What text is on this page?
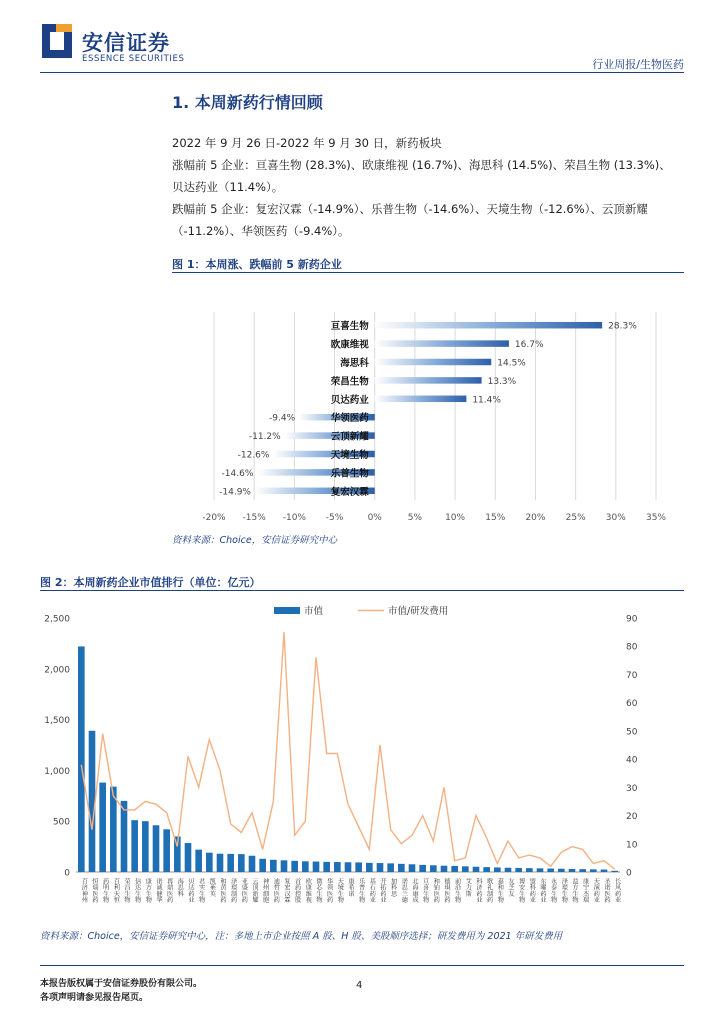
安信证券
ESSENCE SECURITIES	行业周报/生物医药
1. 本周新药行情回顾
2022 年 9 月 26 日-2022 年 9 月 30 日，新药板块
涨幅前 5 企业：亘喜生物 (28.3%)、欧康维视 (16.7%)、海思科 (14.5%)、荣昌生物 (13.3%)、
贝达药业（11.4%）。
跌幅前 5 企业：复宏汉霖（-14.9%）、乐普生物（-14.6%）、天境生物（-12.6%）、云顶新耀
（-11.2%）、华领医药（-9.4%）。
图 1：本周涨、跌幅前 5 新药企业
-20% -15% -10% -5%	0%	5%	10% 15% 20% 25% 30% 35%
亘喜生物	28.3%
欧康维视	16.7%
海思科	14.5%
荣昌生物	13.3%
贝达药业	11.4%
华领医药
-9.4%
云顶新耀
-11.2%
天境生物
-12.6%
乐普生物
-14.6%
复宏汉霖
-14.9%
资料来源：Choice，安信证券研究中心
图 2：本周新药企业市值排行（单位：亿元）
0
500
1,000
1,500
2,000
2,500
0
10
20
30
40
50
60
70
80
90
百济神州 恒瑞医药 药明生物 百利天恒 荣昌生物 信达生物 康方生物 诺诚健华 再鼎医药 海思科 贝达药业 君实生物 凯莱英 和黄医药 泽璟制药 亚盛医药 云顶新耀 神州细胞 迪哲医药 复宏汉霖 首药控股 欧康维视 微芯生物 华领医药 天境生物 康希诺 乐普生物 基石药业 开拓药业 加科思 诺思兰德 北海康成 亘喜生物 和铂医药 德琪医药 前沿生物 艾力斯 科济药业 歌礼制药 嘉和生物 友芝友 博安生物 盟科药业 东曜药业 永泰生物 泽璟生物 益方生物 康宁杰瑞 天演药业 圣诺医药 长风药业
市值	市值/研发费用
资料来源：Choice，安信证券研究中心，注：多地上市企业按照 A 股、H 股、美股顺序选择；研发费用为 2021 年研发费用
本报告版权属于安信证券股份有限公司。
各项声明请参见报告尾页。
4
